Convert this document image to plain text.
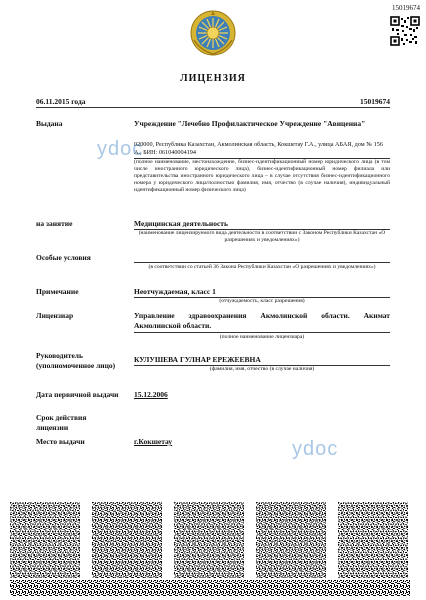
15019674
ЛИЦЕНЗИЯ
06.11.2015 года	15019674
Выдана	Учреждение "Лечебно Профилактическое Учреждение "Авиценна"
ydoc
020000, Республика Казахстан, Акмолинская область, Кокшетау Г.А., улица АБАЯ, дом № 156 А., БИН: 061040004194
(полное наименование, местонахождение, бизнес-идентификационный номер юридического лица (в том числе иностранного юридического лица), бизнес-идентификационный номер филиала или представительства иностранного юридического лица – в случае отсутствия бизнес-идентификационного номера у юридического лица/полностью фамилия, имя, отчество (в случае наличия), индивидуальный идентификационный номер физического лица)
на занятие	Медицинская деятельность
(наименование лицензируемого вида деятельности в соответствии с Законом Республики Казахстан «О разрешениях и уведомлениях»)
Особые условия
(в соответствии со статьей 36 Закона Республики Казахстан «О разрешениях и уведомлениях»)
Примечание	Неотчуждаемая, класс 1
(отчуждаемость, класс разрешения)
Лицензиар	Управление здравоохранения Акмолинской области. Акимат Акмолинской области.
(полное наименование лицензиара)
Руководитель
(уполномоченное лицо)
КУЛУШЕВА ГУЛНАР ЕРЕЖЕЕВНА
(фамилия, имя, отчество (в случае наличия)
Дата первичной выдачи 15.12.2006
Срок действия
лицензии
Место выдачи	г.Кокшетау	ydoc
